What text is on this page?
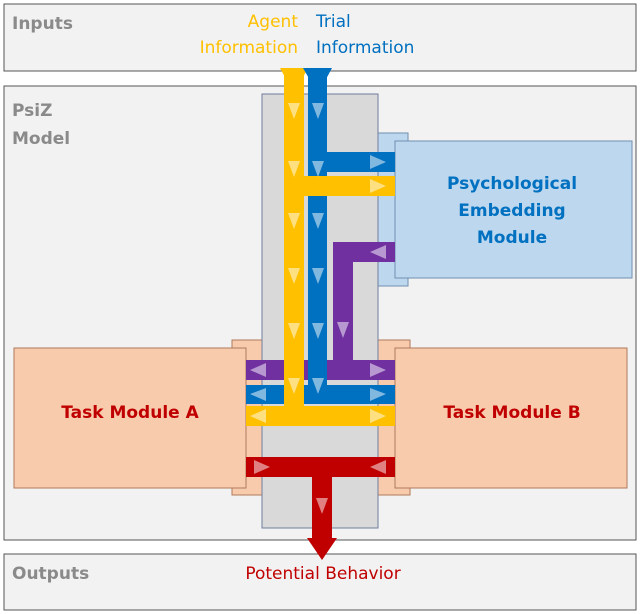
Inputs	Agent
Information
Trial
Information
PsiZ
Model
Outputs	Potential Behavior
Psychological
Embedding
Module
Task Module A	Task Module B
